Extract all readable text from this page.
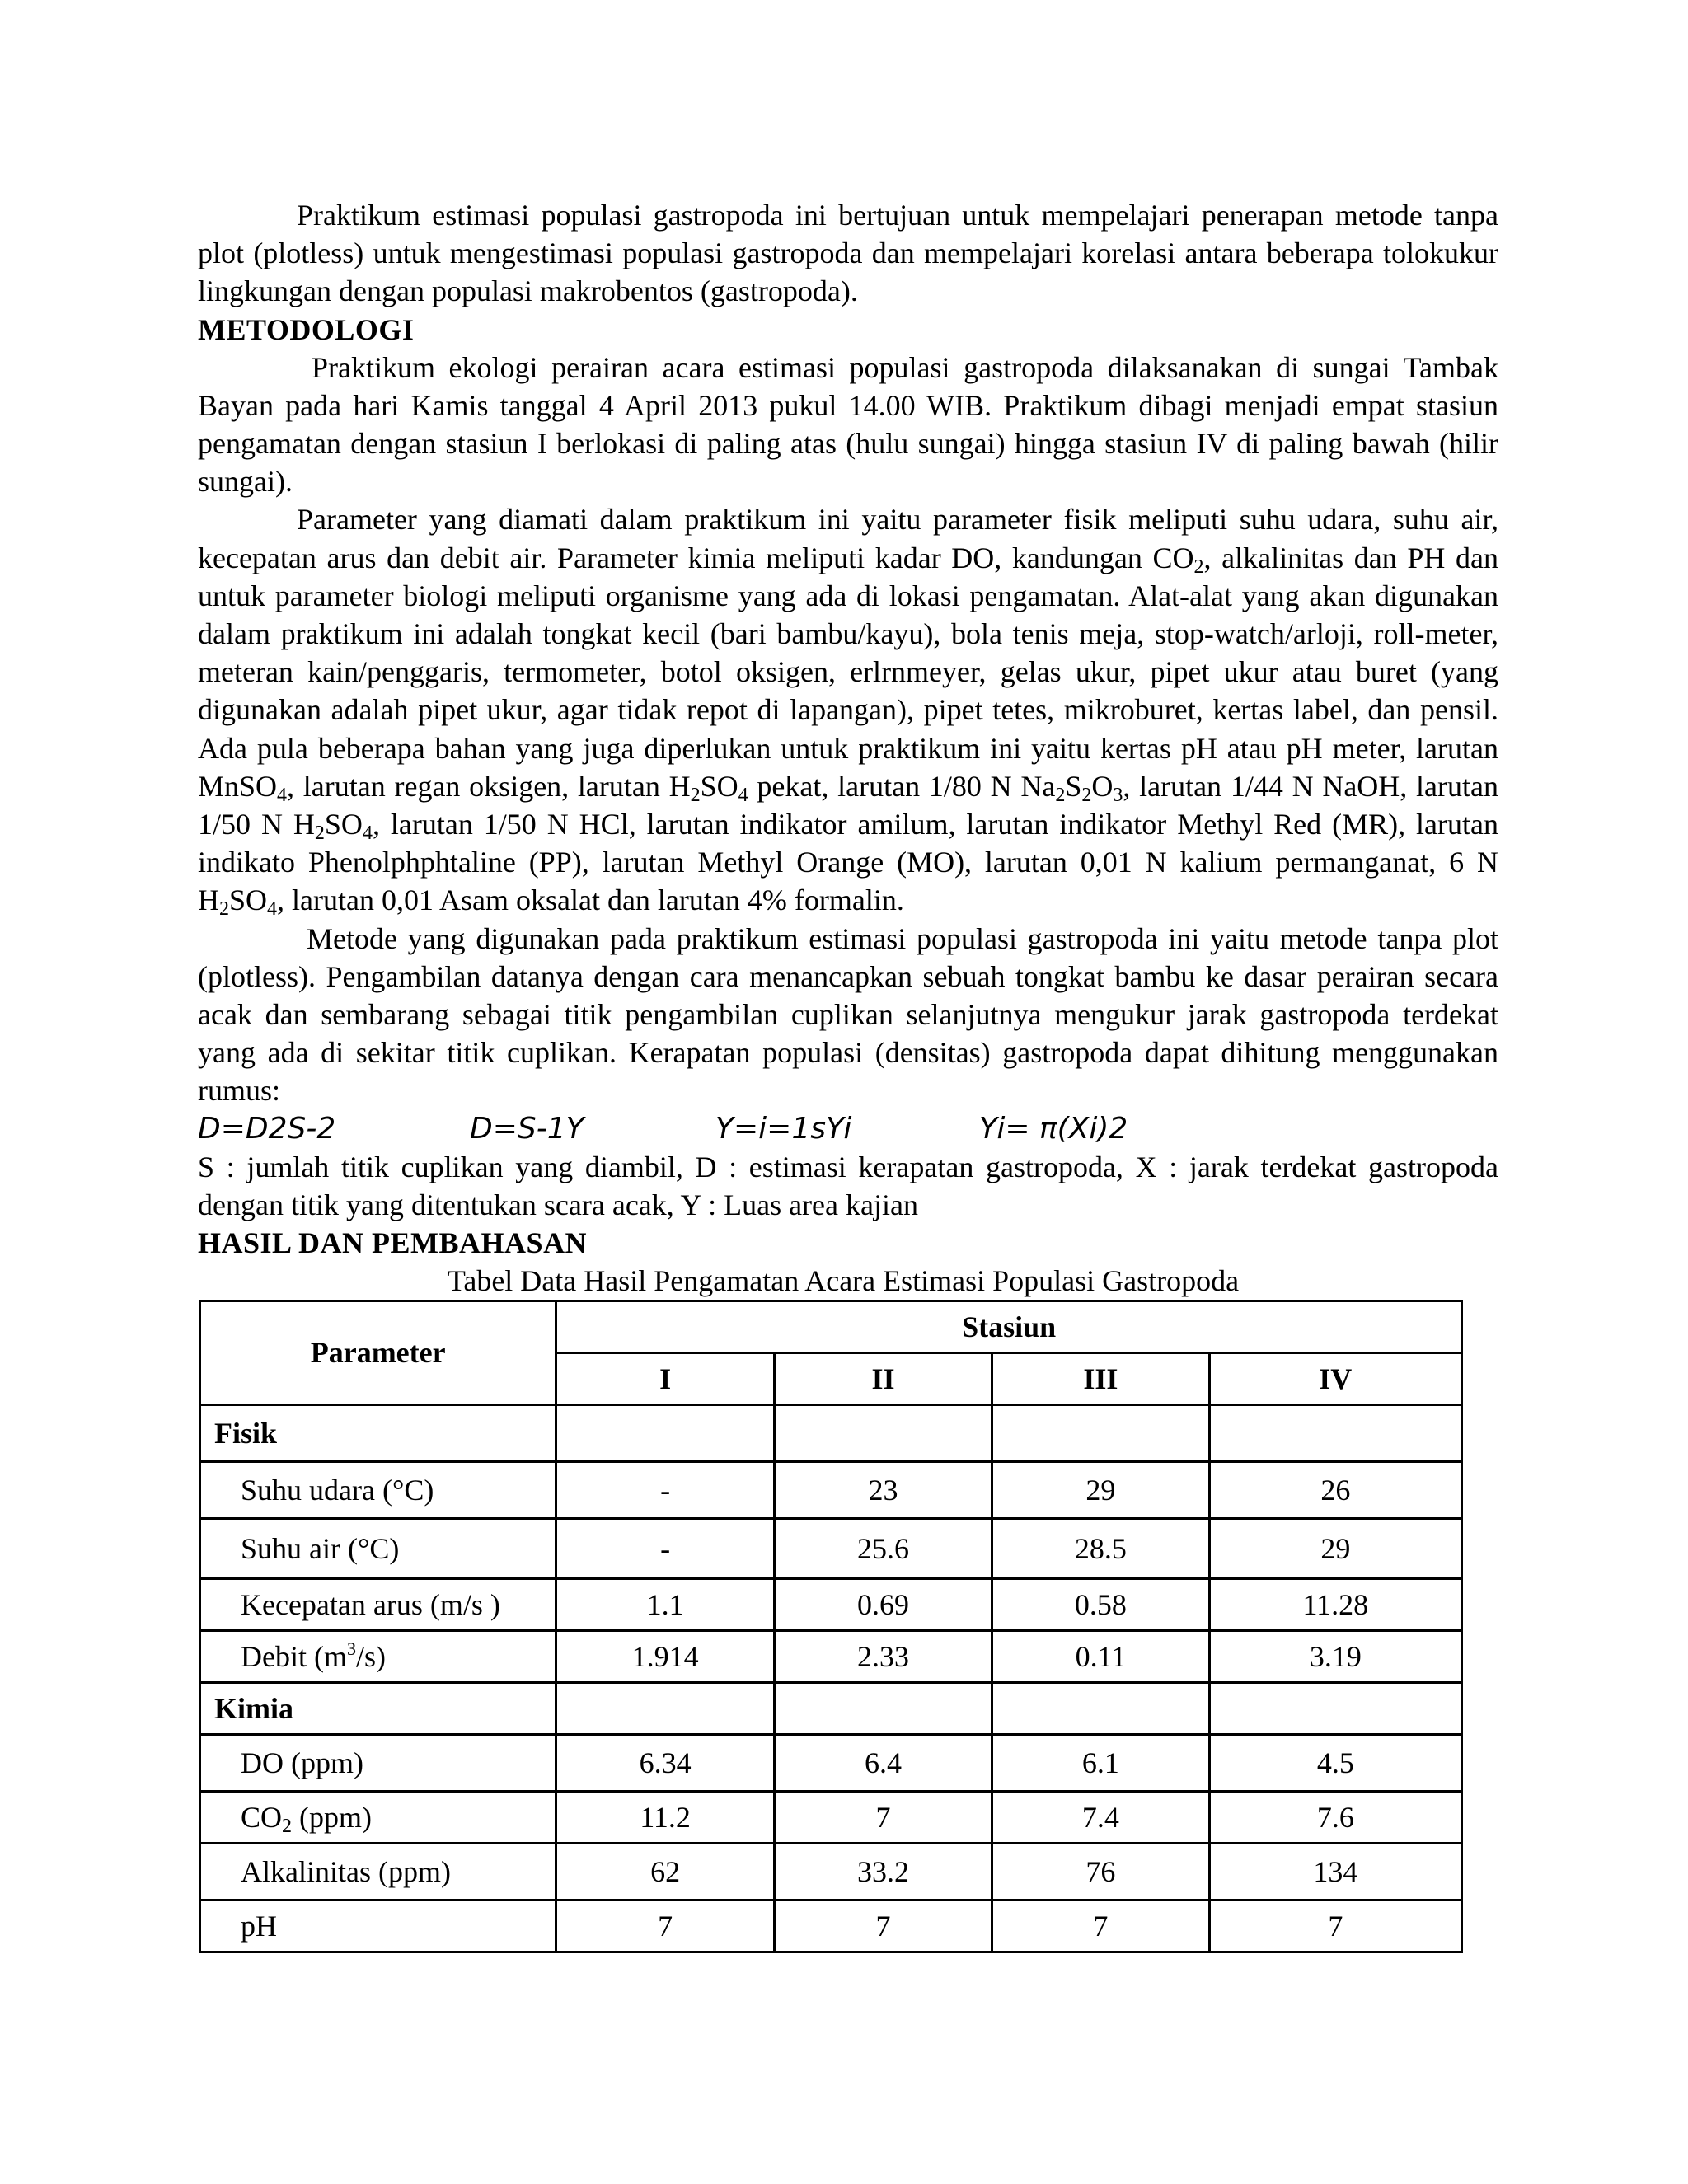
Praktikum estimasi populasi gastropoda ini bertujuan untuk mempelajari penerapan metode tanpa plot (plotless) untuk mengestimasi populasi gastropoda dan mempelajari korelasi antara beberapa tolokukur lingkungan dengan populasi makrobentos (gastropoda).

METODOLOGI

Praktikum ekologi perairan acara estimasi populasi gastropoda dilaksanakan di sungai Tambak Bayan pada hari Kamis tanggal 4 April 2013 pukul 14.00 WIB. Praktikum dibagi menjadi empat stasiun pengamatan dengan stasiun I berlokasi di paling atas (hulu sungai) hingga stasiun IV di paling bawah (hilir sungai).

Parameter yang diamati dalam praktikum ini yaitu parameter fisik meliputi suhu udara, suhu air, kecepatan arus dan debit air. Parameter kimia meliputi kadar DO, kandungan $CO_2$, alkalinitas dan PH dan untuk parameter biologi meliputi organisme yang ada di lokasi pengamatan. Alat-alat yang akan digunakan dalam praktikum ini adalah tongkat kecil (bari bambu/kayu), bola tenis meja, stop-watch/arloji, roll-meter, meteran kain/penggaris, termometer, botol oksigen, erlrnmeyer, gelas ukur, pipet ukur atau buret (yang digunakan adalah pipet ukur, agar tidak repot di lapangan), pipet tetes, mikroburet, kertas label, dan pensil. Ada pula beberapa bahan yang juga diperlukan untuk praktikum ini yaitu kertas pH atau pH meter, larutan MnSO$_4$, larutan regan oksigen, larutan $H_2SO_4$ pekat, larutan 1/80 N $Na_2S_2O_3$, larutan 1/44 N NaOH, larutan 1/50 N $H_2SO_4$, larutan 1/50 N HCl, larutan indikator amilum, larutan indikator Methyl Red (MR), larutan indikato Phenolphphtaline (PP), larutan Methyl Orange (MO), larutan 0,01 N kalium permanganat, 6 N $H_2SO_4$, larutan 0,01 Asam oksalat dan larutan 4% formalin.

Metode yang digunakan pada praktikum estimasi populasi gastropoda ini yaitu metode tanpa plot (plotless). Pengambilan datanya dengan cara menancapkan sebuah tongkat bambu ke dasar perairan secara acak dan sembarang sebagai titik pengambilan cuplikan selanjutnya mengukur jarak gastropoda terdekat yang ada di sekitar titik cuplikan. Kerapatan populasi (densitas) gastropoda dapat dihitung menggunakan rumus:

D=D2S-2	D=S-1Y	Y=i=1sYi	Yi= π(Xi)2

S : jumlah titik cuplikan yang diambil, D : estimasi kerapatan gastropoda, X : jarak terdekat gastropoda dengan titik yang ditentukan scara acak, Y : Luas area kajian

HASIL DAN PEMBAHASAN

Tabel Data Hasil Pengamatan Acara Estimasi Populasi Gastropoda

Parameter	Stasiun			
	I	II	III	IV
Fisik				
Suhu udara (°C)	-	23	29	26
Suhu air (°C)	-	25.6	28.5	29
Kecepatan arus (m/s )	1.1	0.69	0.58	11.28
Debit $(m^3/s)$	1.914	2.33	0.11	3.19
Kimia				
DO (ppm)	6.34	6.4	6.1	4.5
$CO_2$ (ppm)	11.2	7	7.4	7.6
Alkalinitas (ppm)	62	33.2	76	134
pH	7	7	7	7
